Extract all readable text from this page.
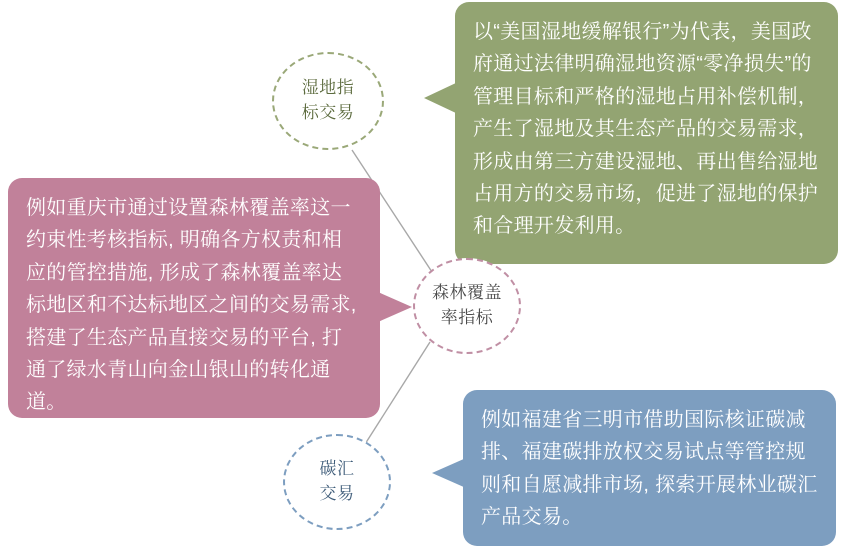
以“美国湿地缓解银行”为代表，美国政府通过法律明确湿地资源“零净损失”的管理目标和严格的湿地占用补偿机制，产生了湿地及其生态产品的交易需求，形成由第三方建设湿地、再出售给湿地占用方的交易市场，促进了湿地的保护和合理开发利用。
例如重庆市通过设置森林覆盖率这一约束性考核指标, 明确各方权责和相应的管控措施, 形成了森林覆盖率达标地区和不达标地区之间的交易需求, 搭建了生态产品直接交易的平台, 打通了绿水青山向金山银山的转化通道。
例如福建省三明市借助国际核证碳减排、福建碳排放权交易试点等管控规则和自愿减排市场, 探索开展林业碳汇产品交易。
湿地指
标交易
森林覆盖
率指标
碳汇
交易
